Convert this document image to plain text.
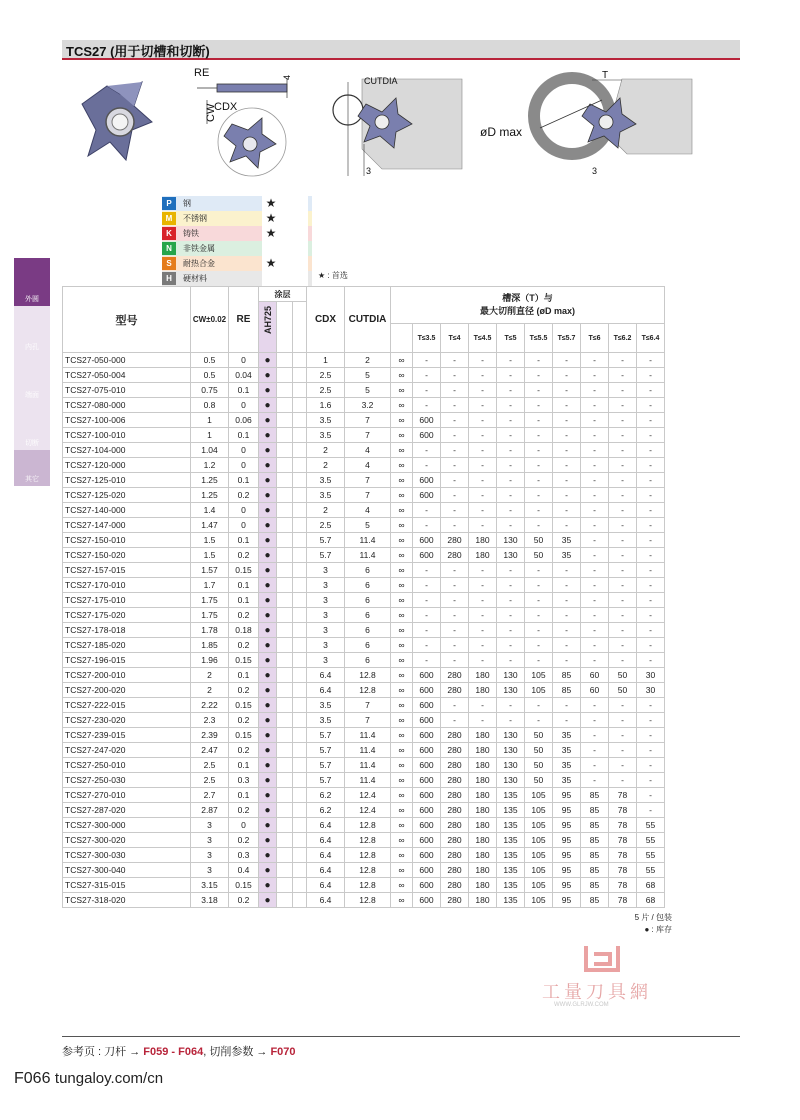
TCS27 (用于切槽和切断)
RE
CW
CDX
4	CUTDIA
3
T
øD max
3
P	钢	★
M	不锈钢	★
K	铸铁	★
N	非铁金属
S	耐热合金	★
H	硬材料	★ : 首选
外圆
内孔
端面
切断
其它
型号	CW±0.02	RE	涂层			CDX	CUTDIA	槽深（T）与
最大切削直径 (øD max)									

			AH725														

									T≤3.5	T≤4	T≤4.5	T≤5	T≤5.5	T≤5.7	T≤6	T≤6.2	T≤6.4
TCS27-050-000	0.5	0	●			1	2	∞	-	-	-	-	-	-	-	-	-
TCS27-050-004	0.5	0.04	●			2.5	5	∞	-	-	-	-	-	-	-	-	-
TCS27-075-010	0.75	0.1	●			2.5	5	∞	-	-	-	-	-	-	-	-	-
TCS27-080-000	0.8	0	●			1.6	3.2	∞	-	-	-	-	-	-	-	-	-
TCS27-100-006	1	0.06	●			3.5	7	∞	600	-	-	-	-	-	-	-	-
TCS27-100-010	1	0.1	●			3.5	7	∞	600	-	-	-	-	-	-	-	-
TCS27-104-000	1.04	0	●			2	4	∞	-	-	-	-	-	-	-	-	-
TCS27-120-000	1.2	0	●			2	4	∞	-	-	-	-	-	-	-	-	-
TCS27-125-010	1.25	0.1	●			3.5	7	∞	600	-	-	-	-	-	-	-	-
TCS27-125-020	1.25	0.2	●			3.5	7	∞	600	-	-	-	-	-	-	-	-
TCS27-140-000	1.4	0	●			2	4	∞	-	-	-	-	-	-	-	-	-
TCS27-147-000	1.47	0	●			2.5	5	∞	-	-	-	-	-	-	-	-	-
TCS27-150-010	1.5	0.1	●			5.7	11.4	∞	600	280	180	130	50	35	-	-	-
TCS27-150-020	1.5	0.2	●			5.7	11.4	∞	600	280	180	130	50	35	-	-	-
TCS27-157-015	1.57	0.15	●			3	6	∞	-	-	-	-	-	-	-	-	-
TCS27-170-010	1.7	0.1	●			3	6	∞	-	-	-	-	-	-	-	-	-
TCS27-175-010	1.75	0.1	●			3	6	∞	-	-	-	-	-	-	-	-	-
TCS27-175-020	1.75	0.2	●			3	6	∞	-	-	-	-	-	-	-	-	-
TCS27-178-018	1.78	0.18	●			3	6	∞	-	-	-	-	-	-	-	-	-
TCS27-185-020	1.85	0.2	●			3	6	∞	-	-	-	-	-	-	-	-	-
TCS27-196-015	1.96	0.15	●			3	6	∞	-	-	-	-	-	-	-	-	-
TCS27-200-010	2	0.1	●			6.4	12.8	∞	600	280	180	130	105	85	60	50	30
TCS27-200-020	2	0.2	●			6.4	12.8	∞	600	280	180	130	105	85	60	50	30
TCS27-222-015	2.22	0.15	●			3.5	7	∞	600	-	-	-	-	-	-	-	-
TCS27-230-020	2.3	0.2	●			3.5	7	∞	600	-	-	-	-	-	-	-	-
TCS27-239-015	2.39	0.15	●			5.7	11.4	∞	600	280	180	130	50	35	-	-	-
TCS27-247-020	2.47	0.2	●			5.7	11.4	∞	600	280	180	130	50	35	-	-	-
TCS27-250-010	2.5	0.1	●			5.7	11.4	∞	600	280	180	130	50	35	-	-	-
TCS27-250-030	2.5	0.3	●			5.7	11.4	∞	600	280	180	130	50	35	-	-	-
TCS27-270-010	2.7	0.1	●			6.2	12.4	∞	600	280	180	135	105	95	85	78	-
TCS27-287-020	2.87	0.2	●			6.2	12.4	∞	600	280	180	135	105	95	85	78	-
TCS27-300-000	3	0	●			6.4	12.8	∞	600	280	180	135	105	95	85	78	55
TCS27-300-020	3	0.2	●			6.4	12.8	∞	600	280	180	135	105	95	85	78	55
TCS27-300-030	3	0.3	●			6.4	12.8	∞	600	280	180	135	105	95	85	78	55
TCS27-300-040	3	0.4	●			6.4	12.8	∞	600	280	180	135	105	95	85	78	55
TCS27-315-015	3.15	0.15	●			6.4	12.8	∞	600	280	180	135	105	95	85	78	68
TCS27-318-020	3.18	0.2	●			6.4	12.8	∞	600	280	180	135	105	95	85	78	68
5 片 / 包装
● : 库存
工量刀具網
WWW.GLRJW.COM
参考页 : 刀杆 → F059 - F064, 切削参数 → F070
F066 tungaloy.com/cn
